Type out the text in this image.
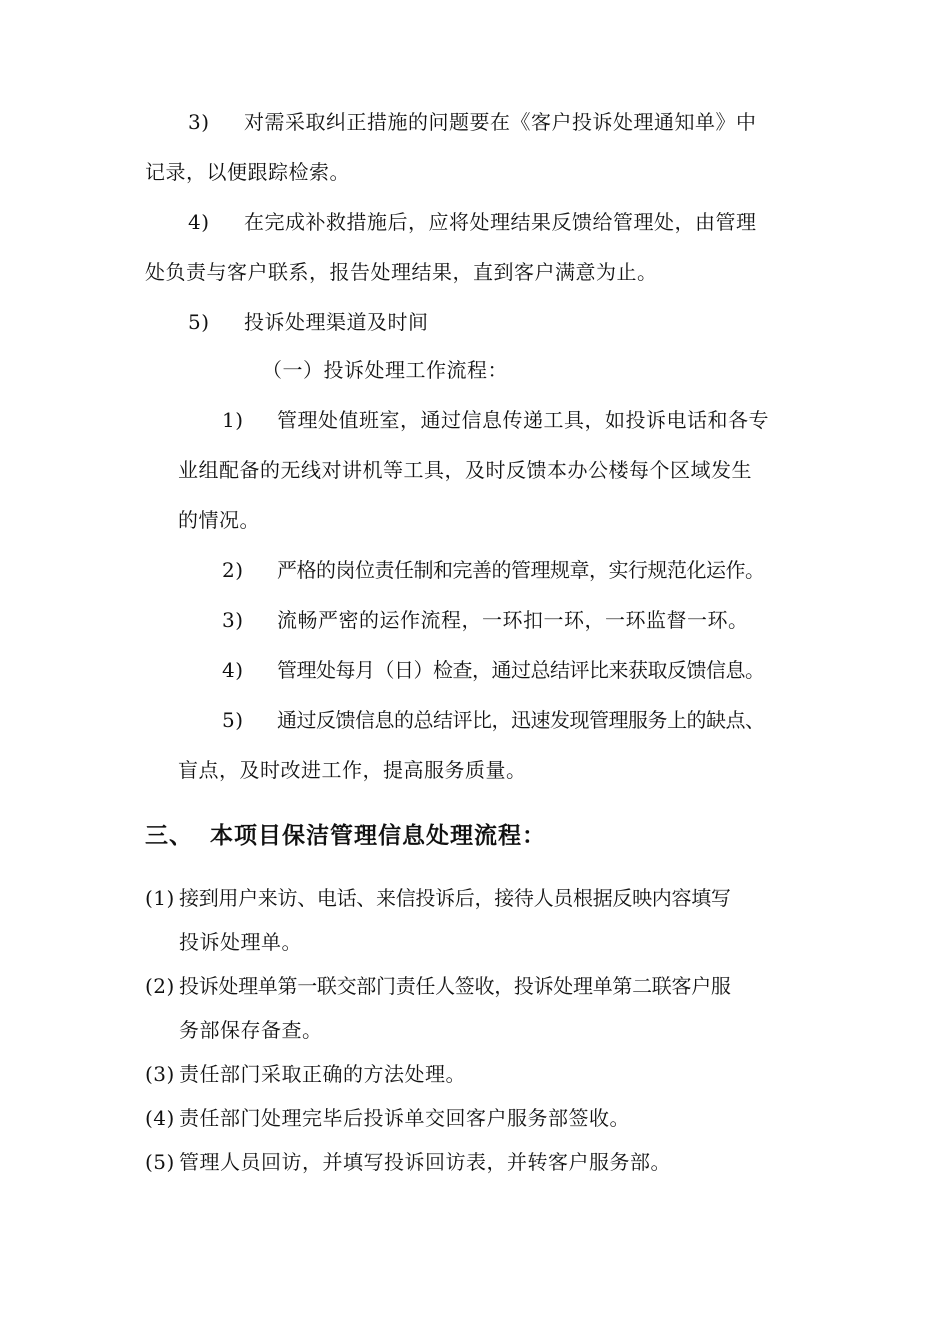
3) 对需采取纠正措施的问题要在《客户投诉处理通知单》中
记录，以便跟踪检索。
4) 在完成补救措施后，应将处理结果反馈给管理处，由管理
处负责与客户联系，报告处理结果，直到客户满意为止。
5) 投诉处理渠道及时间
（一）投诉处理工作流程：
1) 管理处值班室，通过信息传递工具，如投诉电话和各专
业组配备的无线对讲机等工具，及时反馈本办公楼每个区域发生
的情况。
2) 严格的岗位责任制和完善的管理规章，实行规范化运作。
3) 流畅严密的运作流程，一环扣一环，一环监督一环。
4) 管理处每月（日）检查，通过总结评比来获取反馈信息。
5) 通过反馈信息的总结评比，迅速发现管理服务上的缺点、
盲点，及时改进工作，提高服务质量。
三、 本项目保洁管理信息处理流程：
(1) 接到用户来访、电话、来信投诉后，接待人员根据反映内容填写
投诉处理单。
(2) 投诉处理单第一联交部门责任人签收，投诉处理单第二联客户服
务部保存备查。
(3) 责任部门采取正确的方法处理。
(4) 责任部门处理完毕后投诉单交回客户服务部签收。
(5) 管理人员回访，并填写投诉回访表，并转客户服务部。
